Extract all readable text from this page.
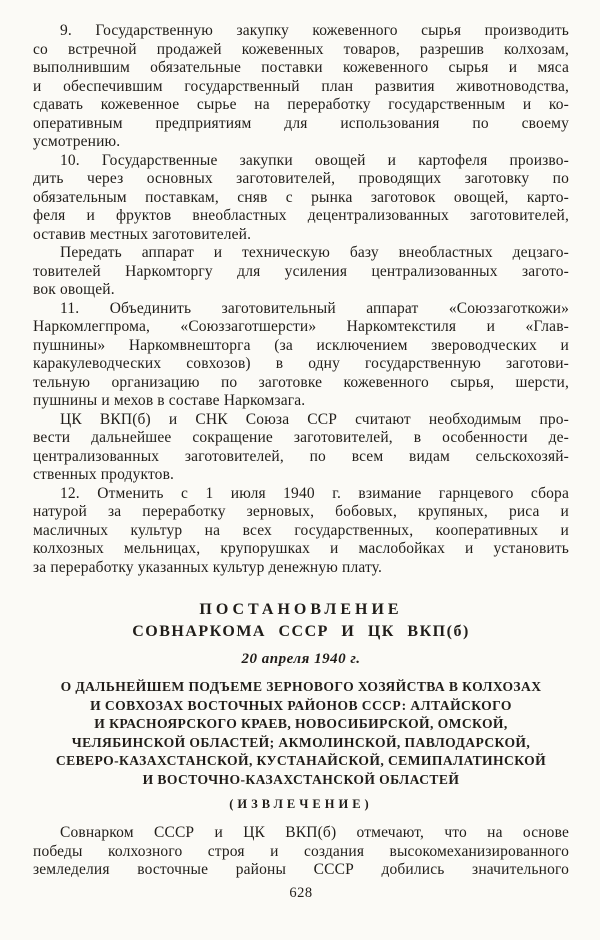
9. Государственную закупку кожевенного сырья производить
со встречной продажей кожевенных товаров, разрешив колхозам,
выполнившим обязательные поставки кожевенного сырья и мяса
и обеспечившим государственный план развития животноводства,
сдавать кожевенное сырье на переработку государственным и ко-
оперативным предприятиям для использования по своему
усмотрению.
10. Государственные закупки овощей и картофеля произво-
дить через основных заготовителей, проводящих заготовку по
обязательным поставкам, сняв с рынка заготовок овощей, карто-
феля и фруктов внеобластных децентрализованных заготовителей,
оставив местных заготовителей.
Передать аппарат и техническую базу внеобластных децзаго-
товителей Наркомторгу для усиления централизованных загото-
вок овощей.
11. Объединить заготовительный аппарат «Союззаготкожи»
Наркомлегпрома, «Союззаготшерсти» Наркомтекстиля и «Глав-
пушнины» Наркомвнешторга (за исключением звероводческих и
каракулеводческих совхозов) в одну государственную заготови-
тельную организацию по заготовке кожевенного сырья, шерсти,
пушнины и мехов в составе Наркомзага.
ЦК ВКП(б) и СНК Союза ССР считают необходимым про-
вести дальнейшее сокращение заготовителей, в особенности де-
централизованных заготовителей, по всем видам сельскохозяй-
ственных продуктов.
12. Отменить с 1 июля 1940 г. взимание гарнцевого сбора
натурой за переработку зерновых, бобовых, крупяных, риса и
масличных культур на всех государственных, кооперативных и
колхозных мельницах, крупорушках и маслобойках и установить
за переработку указанных культур денежную плату.
ПОСТАНОВЛЕНИЕ
СОВНАРКОМА СССР И ЦК ВКП(б)
20 апреля 1940 г.
О ДАЛЬНЕЙШЕМ ПОДЪЕМЕ ЗЕРНОВОГО ХОЗЯЙСТВА В КОЛХОЗАХ
И СОВХОЗАХ ВОСТОЧНЫХ РАЙОНОВ СССР: АЛТАЙСКОГО
И КРАСНОЯРСКОГО КРАЕВ, НОВОСИБИРСКОЙ, ОМСКОЙ,
ЧЕЛЯБИНСКОЙ ОБЛАСТЕЙ; АКМОЛИНСКОЙ, ПАВЛОДАРСКОЙ,
СЕВЕРО-КАЗАХСТАНСКОЙ, КУСТАНАЙСКОЙ, СЕМИПАЛАТИНСКОЙ
И ВОСТОЧНО-КАЗАХСТАНСКОЙ ОБЛАСТЕЙ
(ИЗВЛЕЧЕНИЕ)
Совнарком СССР и ЦК ВКП(б) отмечают, что на основе
победы колхозного строя и создания высокомеханизированного
земледелия восточные районы СССР добились значительного
628
